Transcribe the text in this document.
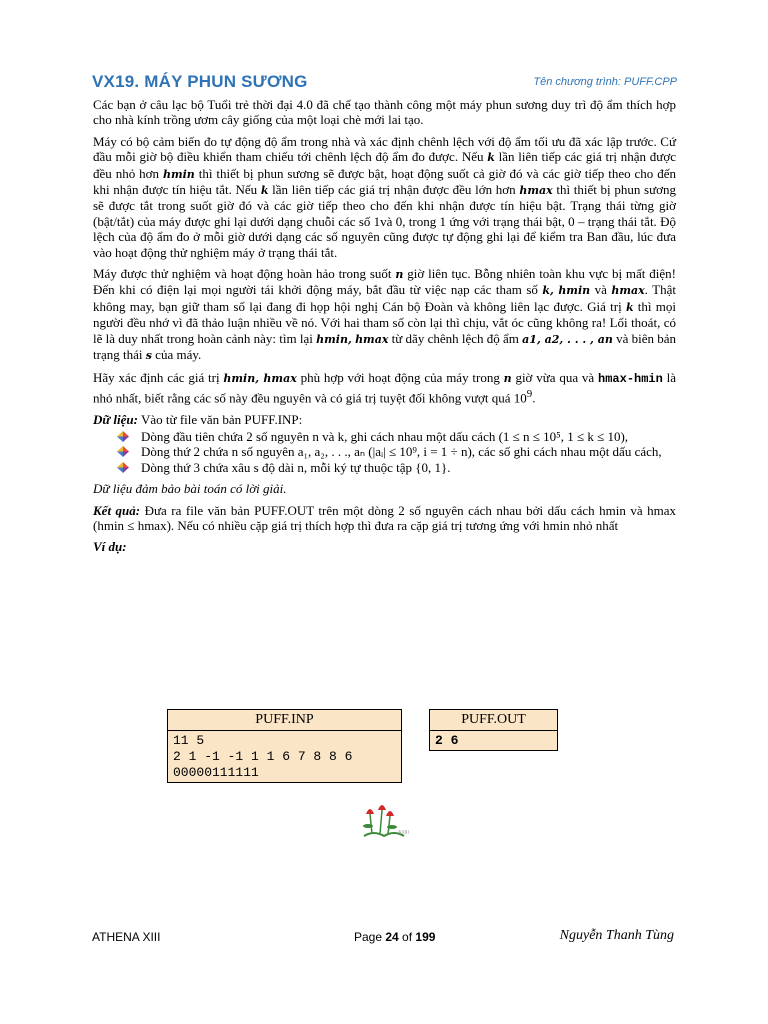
VX19. MÁY PHUN SƯƠNG	Tên chương trình: PUFF.CPP

Các bạn ở câu lạc bộ Tuổi trẻ thời đại 4.0 đã chế tạo thành công một máy phun sương duy trì độ ẩm thích hợp cho nhà kính trồng ươm cây giống của một loại chè mới lai tạo.

Máy có bộ cảm biến đo tự động độ ẩm trong nhà và xác định chênh lệch với độ ẩm tối ưu đã xác lập trước. Cứ đầu mỗi giờ bộ điều khiển tham chiếu tới chênh lệch độ ẩm đo được. Nếu k lần liên tiếp các giá trị nhận được đều nhỏ hơn hmin thì thiết bị phun sương sẽ được bật, hoạt động suốt cả giờ đó và các giờ tiếp theo cho đến khi nhận được tín hiệu tắt. Nếu k lần liên tiếp các giá trị nhận được đều lớn hơn hmax thì thiết bị phun sương sẽ được tắt trong suốt giờ đó và các giờ tiếp theo cho đến khi nhận được tín hiệu bật. Trạng thái từng giờ (bật/tắt) của máy được ghi lại dưới dạng chuỗi các số 1và 0, trong 1 ứng với trạng thái bật, 0 – trạng thái tắt. Độ lệch của độ ẩm đo ở mỗi giờ dưới dạng các số nguyên cũng được tự động ghi lại để kiểm tra Ban đầu, lúc đưa vào hoạt động thử nghiệm máy ở trạng thái tắt.

Máy được thử nghiệm và hoạt động hoàn hảo trong suốt n giờ liên tục. Bỗng nhiên toàn khu vực bị mất điện! Đến khi có điện lại mọi người tái khởi động máy, bắt đầu từ việc nạp các tham số k, hmin và hmax. Thật không may, bạn giữ tham số lại đang đi họp hội nghị Cán bộ Đoàn và không liên lạc được. Giá trị k thì mọi người đều nhớ vì đã thảo luận nhiều về nó. Với hai tham số còn lại thì chịu, vắt óc cũng không ra! Lối thoát, có lẽ là duy nhất trong hoàn cảnh này: tìm lại hmin, hmax từ dãy chênh lệch độ ẩm a1, a2, . . . , an và biên bản trạng thái s của máy.

Hãy xác định các giá trị hmin, hmax phù hợp với hoạt động của máy trong n giờ vừa qua và hmax-hmin là nhỏ nhất, biết rằng các số này đều nguyên và có giá trị tuyệt đối không vượt quá $10^9$.

Dữ liệu: Vào từ file văn bản PUFF.INP:

Dòng đầu tiên chứa 2 số nguyên n và k, ghi cách nhau một dấu cách (1 ≤ n ≤ 10⁵, 1 ≤ k ≤ 10),
Dòng thứ 2 chứa n số nguyên a₁, a₂, . . ., aₙ (|aᵢ| ≤ 10⁹, i = 1 ÷ n), các số ghi cách nhau một dấu cách,
Dòng thứ 3 chứa xâu s độ dài n, mỗi ký tự thuộc tập {0, 1}.

Dữ liệu đảm bảo bài toán có lời giải.

Kết quả: Đưa ra file văn bản PUFF.OUT trên một dòng 2 số nguyên cách nhau bởi dấu cách hmin và hmax (hmin ≤ hmax). Nếu có nhiều cặp giá trị thích hợp thì đưa ra cặp giá trị tương ứng với hmin nhỏ nhất

Ví dụ:

PUFF.INP
11 5
2 1 -1 -1 1 1 6 7 8 8 6
00000111111
PUFF.OUT
2 6
AXIII
ATHENA XIII	Page 24 of 199	Nguyễn Thanh Tùng
